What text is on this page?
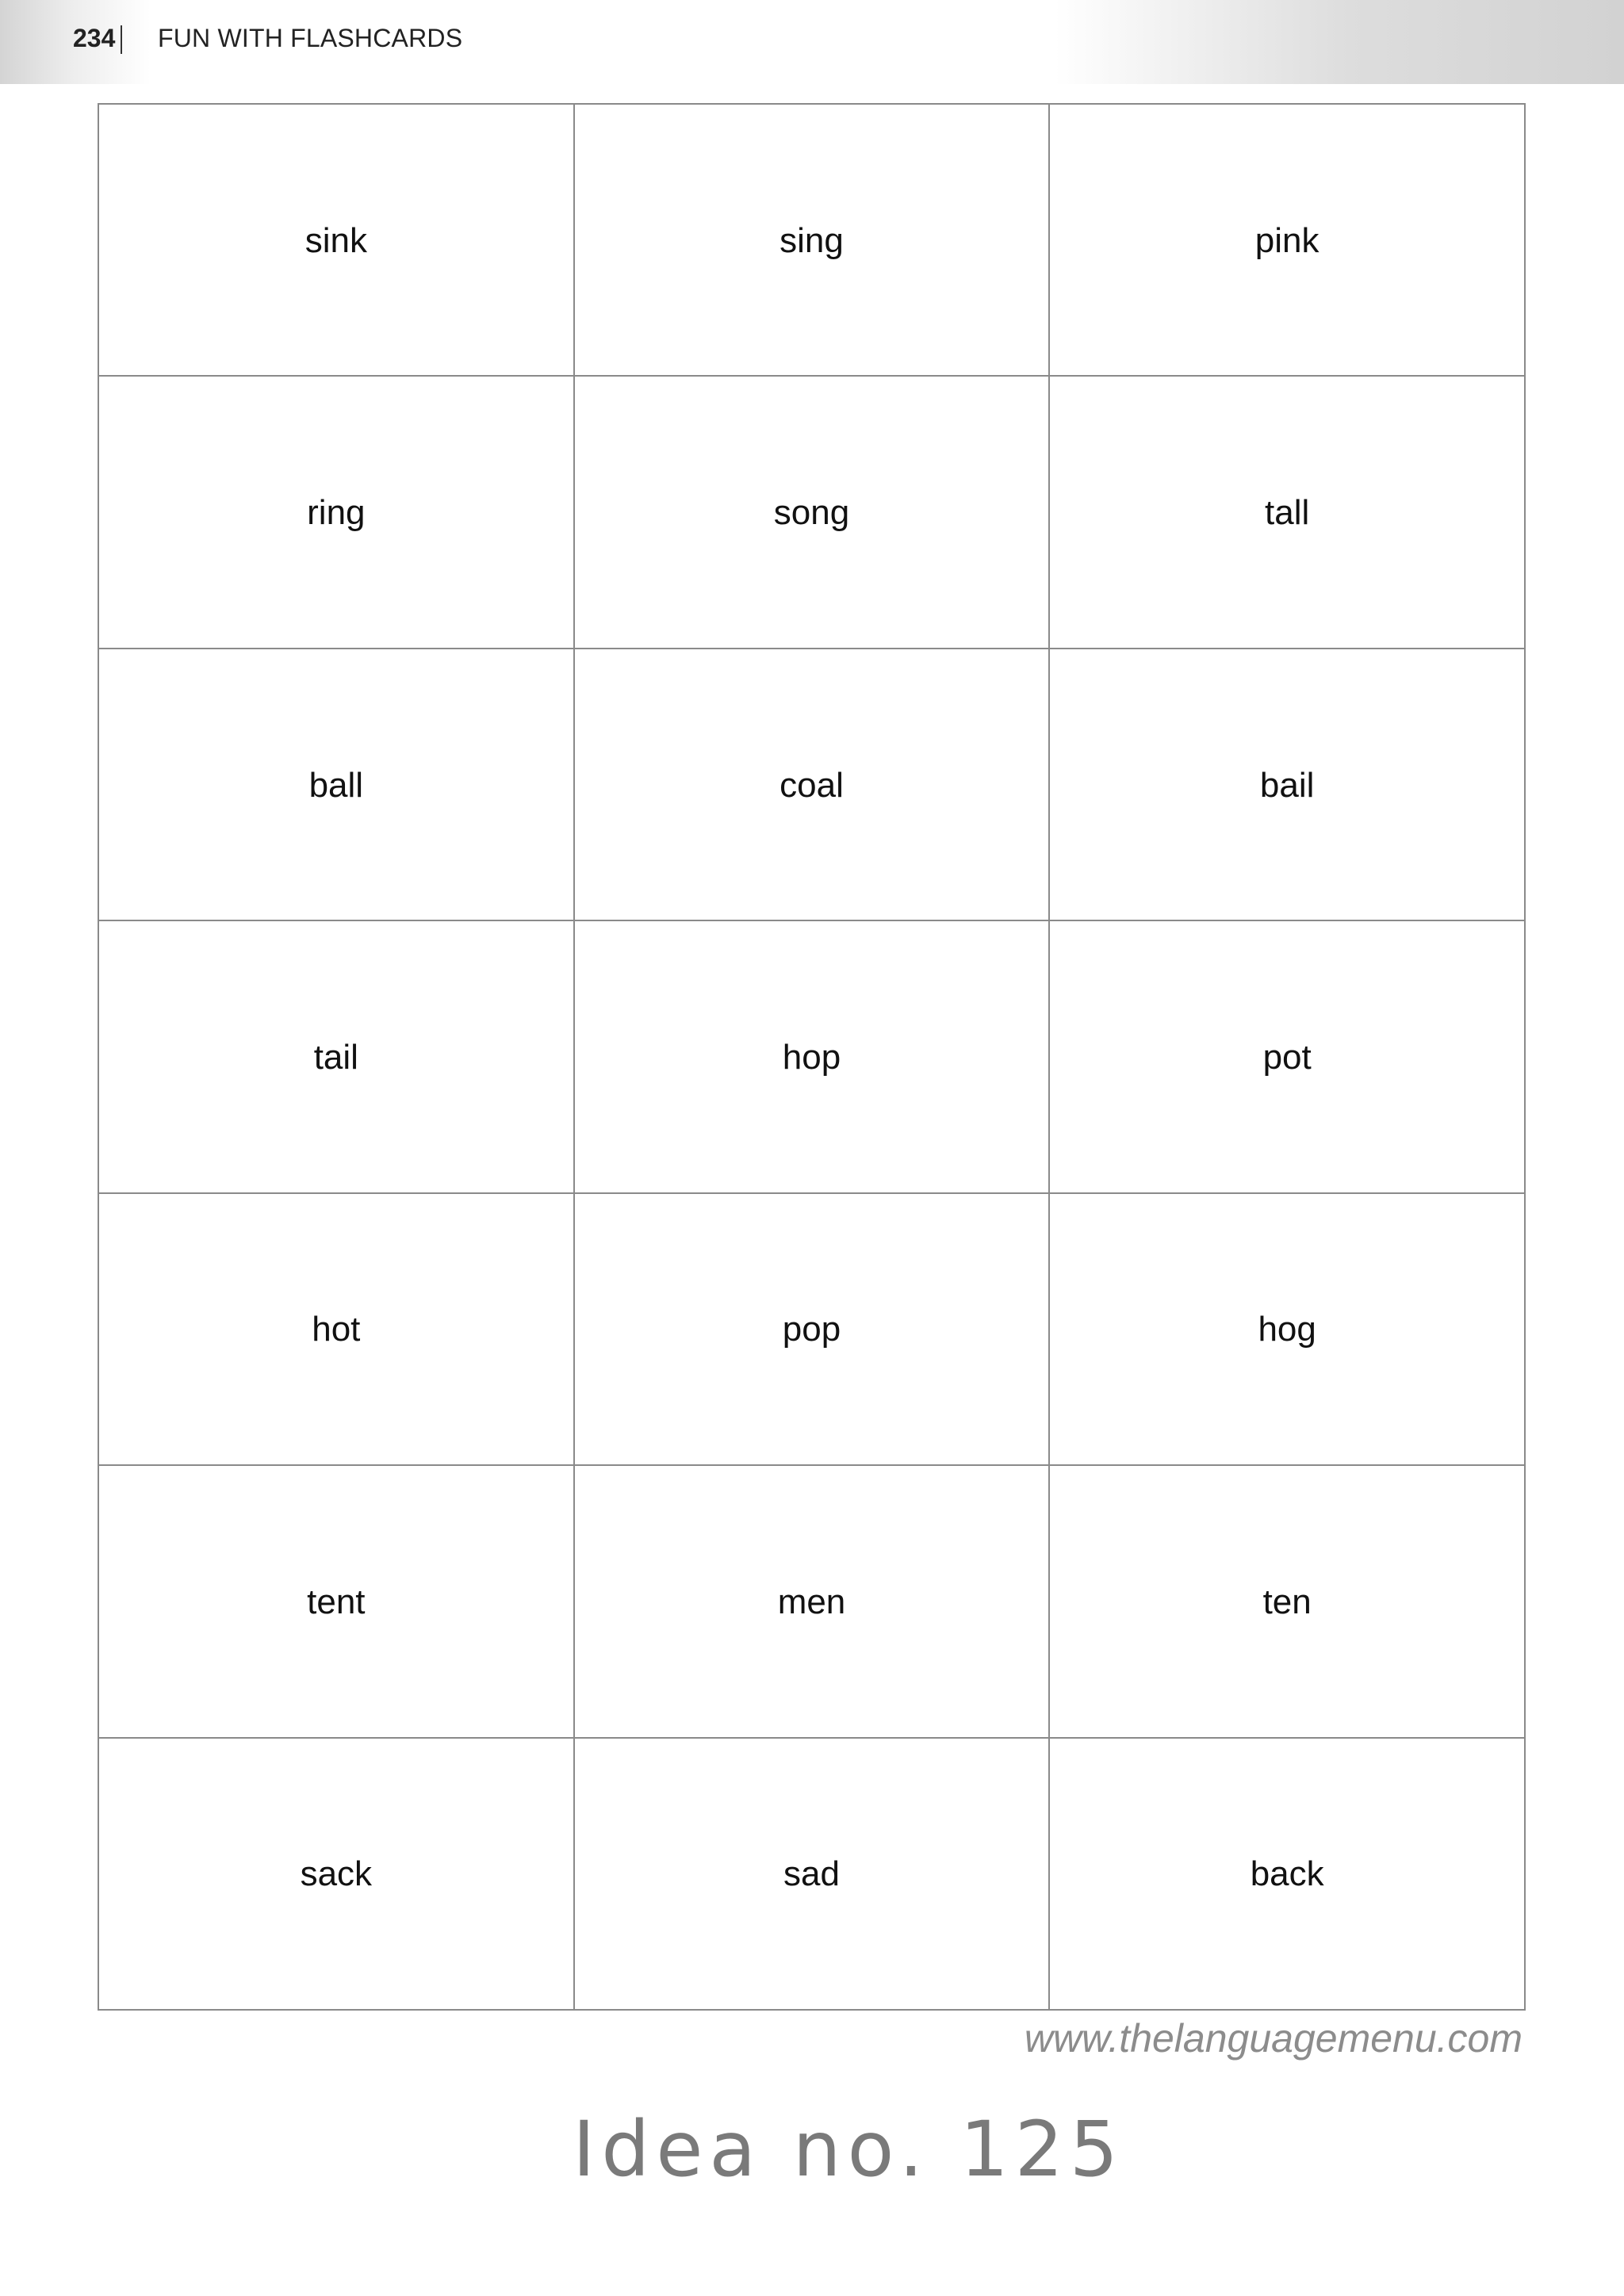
234 FUN WITH FLASHCARDS
sink	sing	pink
ring	song	tall
ball	coal	bail
tail	hop	pot
hot	pop	hog
tent	men	ten
sack	sad	back
www.thelanguagemenu.com
Idea no. 125
